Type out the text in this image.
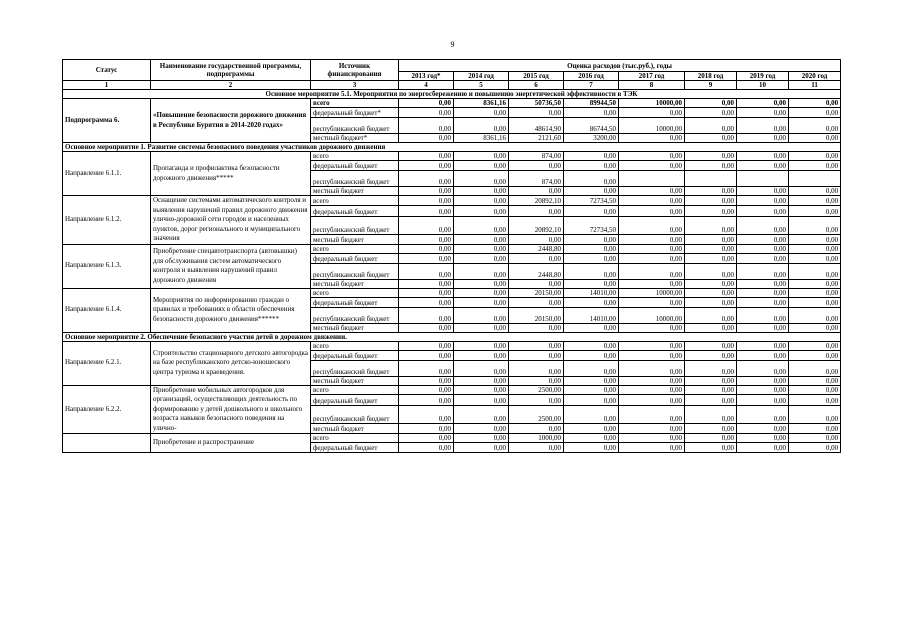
9
Статус	Наименование государственной программы, подпрограммы	Источник финансирования	Оценка расходов (тыс.руб.), годы							
			2013 год*	2014 год	2015 год	2016 год	2017 год	2018 год	2019 год	2020 год
1	2	3	4	5	6	7	8	9	10	11
Основное мероприятие 5.1. Мероприятия по энергосбережению и повышению энергетической эффективности в ТЭК										
Подпрограмма 6.	«Повышение безопасности дорожного движения в Республике Бурятия в 2014-2020 годах»	всего	0,00	8361,16	50736,50	89944,50	10000,00	0,00	0,00	0,00
		федеральный бюджет*	0,00	0,00	0,00	0,00	0,00	0,00	0,00	0,00
		республиканский бюджет	0,00	0,00	48614,90	86744,50	10000,00	0,00	0,00	0,00
		местный бюджет*	0,00	8361,16	2121,60	3200,00	0,00	0,00	0,00	0,00
Основное мероприятие 1. Развитие системы безопасного поведения участников дорожного движения										
Направление 6.1.1.	Пропаганда и профилактика безопасности дорожного движения*****	всего	0,00	0,00	874,00	0,00	0,00	0,00	0,00	0,00
		федеральный бюджет	0,00	0,00	0,00	0,00	0,00	0,00	0,00	0,00
		республиканский бюджет	0,00	0,00	874,00	0,00				
		местный бюджет	0,00	0,00	0,00	0,00	0,00	0,00	0,00	0,00
Направление 6.1.2.	Оснащение системами автоматического контроля и выявления нарушений правил дорожного движения улично-дорожной сети городов и населенных пунктов, дорог регионального и муниципального значения	всего	0,00	0,00	20892,10	72734,50	0,00	0,00	0,00	0,00
		федеральный бюджет	0,00	0,00	0,00	0,00	0,00	0,00	0,00	0,00
		республиканский бюджет	0,00	0,00	20892,10	72734,50	0,00	0,00	0,00	0,00
		местный бюджет	0,00	0,00	0,00	0,00	0,00	0,00	0,00	0,00
Направление 6.1.3.	Приобретение спецавтотранспорта (автовышки) для обслуживания систем автоматического контроля и выявления нарушений правил дорожного движения	всего	0,00	0,00	2448,80	0,00	0,00	0,00	0,00	0,00
		федеральный бюджет	0,00	0,00	0,00	0,00	0,00	0,00	0,00	0,00
		республиканский бюджет	0,00	0,00	2448,80	0,00	0,00	0,00	0,00	0,00
		местный бюджет	0,00	0,00	0,00	0,00	0,00	0,00	0,00	0,00
Направление 6.1.4.	Мероприятия по информированию граждан о правилах и требованиях в области обеспечения безопасности дорожного движения******	всего	0,00	0,00	20150,00	14010,00	10000,00	0,00	0,00	0,00
		федеральный бюджет	0,00	0,00	0,00	0,00	0,00	0,00	0,00	0,00
		республиканский бюджет	0,00	0,00	20150,00	14010,00	10000,00	0,00	0,00	0,00
		местный бюджет	0,00	0,00	0,00	0,00	0,00	0,00	0,00	0,00
Основное мероприятие 2. Обеспечение безопасного участия детей в дорожном движении.										
Направление 6.2.1.	Строительство стационарного детского автогородка на базе республиканского детско-юношеского центра туризма и краеведения.	всего	0,00	0,00	0,00	0,00	0,00	0,00	0,00	0,00
		федеральный бюджет	0,00	0,00	0,00	0,00	0,00	0,00	0,00	0,00
		республиканский бюджет	0,00	0,00	0,00	0,00	0,00	0,00	0,00	0,00
		местный бюджет	0,00	0,00	0,00	0,00	0,00	0,00	0,00	0,00
Направление 6.2.2.	Приобретение мобильных автогородков для организаций, осуществляющих деятельность по формированию у детей дошкольного и школьного возраста навыков безопасного поведения на улично-	всего	0,00	0,00	2500,00	0,00	0,00	0,00	0,00	0,00
		федеральный бюджет	0,00	0,00	0,00	0,00	0,00	0,00	0,00	0,00
		республиканский бюджет	0,00	0,00	2500,00	0,00	0,00	0,00	0,00	0,00
		местный бюджет	0,00	0,00	0,00	0,00	0,00	0,00	0,00	0,00
	Приобретение и распространение	всего	0,00	0,00	1000,00	0,00	0,00	0,00	0,00	0,00
		федеральный бюджет	0,00	0,00	0,00	0,00	0,00	0,00	0,00	0,00
